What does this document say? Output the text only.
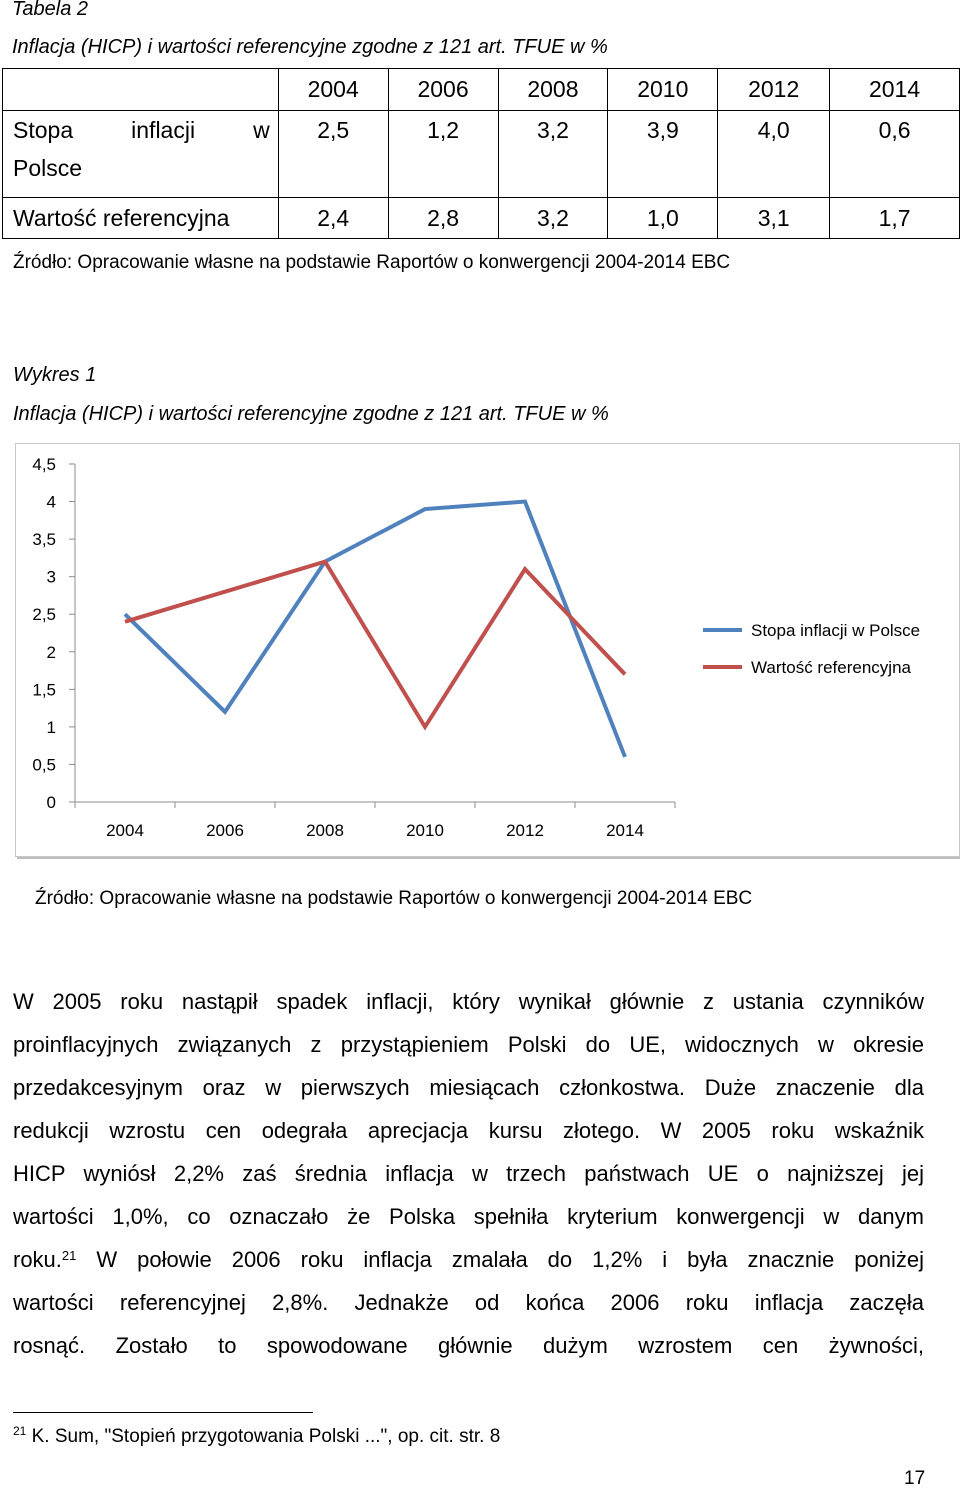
Tabela 2
Inflacja (HICP) i wartości referencyjne zgodne z 121 art. TFUE w %
	2004	2006	2008	2010	2012	2014

Stopa inflacji w
Polsce	2,5	1,2	3,2	3,9	4,0	0,6
Wartość referencyjna	2,4	2,8	3,2	1,0	3,1	1,7
Źródło: Opracowanie własne na podstawie Raportów o konwergencji 2004-2014 EBC
Wykres 1
Inflacja (HICP) i wartości referencyjne zgodne z 121 art. TFUE w %
0
0,5
1
1,5
2
2,5
3
3,5
4
4,5
2004	2006	2008	2010	2012	2014
Stopa inflacji w Polsce
Wartość referencyjna
Źródło: Opracowanie własne na podstawie Raportów o konwergencji 2004-2014 EBC
W 2005 roku nastąpił spadek inflacji, który wynikał głównie z ustania czynników
proinflacyjnych związanych z przystąpieniem Polski do UE, widocznych w okresie
przedakcesyjnym oraz w pierwszych miesiącach członkostwa. Duże znaczenie dla
redukcji wzrostu cen odegrała aprecjacja kursu złotego. W 2005 roku wskaźnik
HICP wyniósł 2,2% zaś średnia inflacja w trzech państwach UE o najniższej jej
wartości 1,0%, co oznaczało że Polska spełniła kryterium konwergencji w danym
roku.$^{21}$ W połowie 2006 roku inflacja zmalała do 1,2% i była znacznie poniżej
wartości referencyjnej 2,8%. Jednakże od końca 2006 roku inflacja zaczęła
rosnąć. Zostało to spowodowane głównie dużym wzrostem cen żywności,
$^{21}$ K. Sum, "Stopień przygotowania Polski ...", op. cit. str. 8
17
